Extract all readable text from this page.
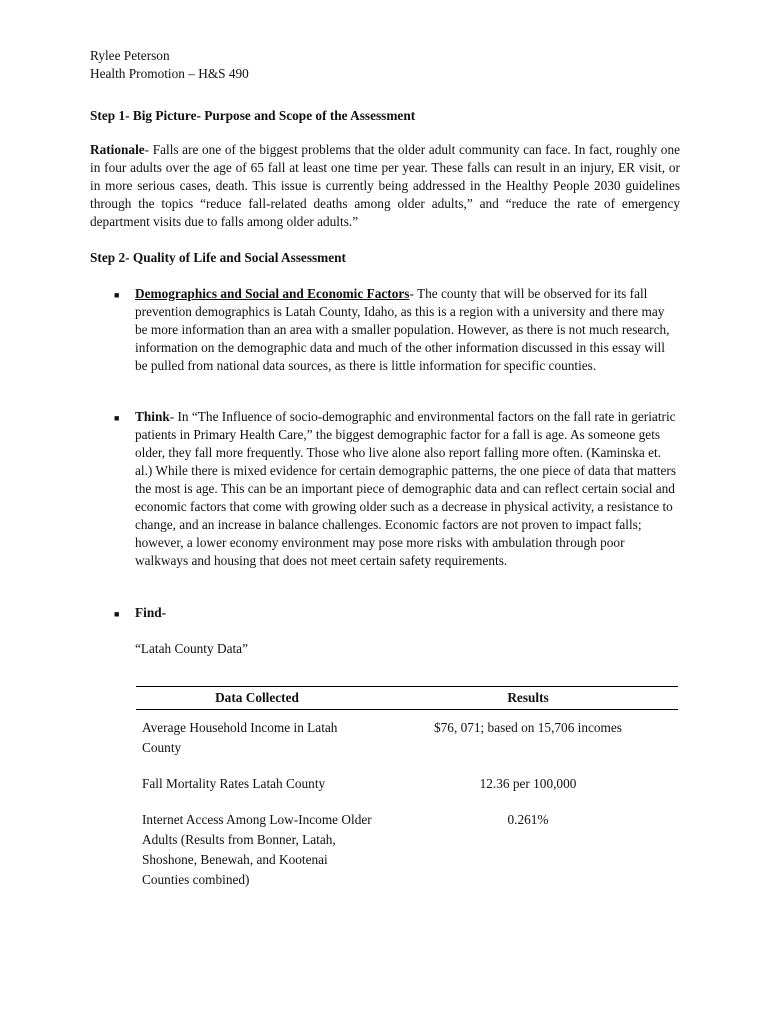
Rylee Peterson
Health Promotion – H&S 490
Step 1- Big Picture- Purpose and Scope of the Assessment
Rationale- Falls are one of the biggest problems that the older adult community can face. In fact, roughly one in four adults over the age of 65 fall at least one time per year. These falls can result in an injury, ER visit, or in more serious cases, death. This issue is currently being addressed in the Healthy People 2030 guidelines through the topics “reduce fall-related deaths among older adults,” and “reduce the rate of emergency department visits due to falls among older adults.”
Step 2- Quality of Life and Social Assessment
■ Demographics and Social and Economic Factors- The county that will be observed for its fall prevention demographics is Latah County, Idaho, as this is a region with a university and there may be more information than an area with a smaller population. However, as there is not much research, information on the demographic data and much of the other information discussed in this essay will be pulled from national data sources, as there is little information for specific counties.
■ Think- In “The Influence of socio-demographic and environmental factors on the fall rate in geriatric patients in Primary Health Care,” the biggest demographic factor for a fall is age. As someone gets older, they fall more frequently. Those who live alone also report falling more often. (Kaminska et. al.) While there is mixed evidence for certain demographic patterns, the one piece of data that matters the most is age. This can be an important piece of demographic data and can reflect certain social and economic factors that come with growing older such as a decrease in physical activity, a resistance to change, and an increase in balance challenges. Economic factors are not proven to impact falls; however, a lower economy environment may pose more risks with ambulation through poor walkways and housing that does not meet certain safety requirements.
■ Find-
“Latah County Data”
Data Collected	Results
Average Household Income in Latah County	$76, 071; based on 15,706 incomes
Fall Mortality Rates Latah County	12.36 per 100,000
Internet Access Among Low-Income Older Adults (Results from Bonner, Latah, Shoshone, Benewah, and Kootenai Counties combined)	0.261%
